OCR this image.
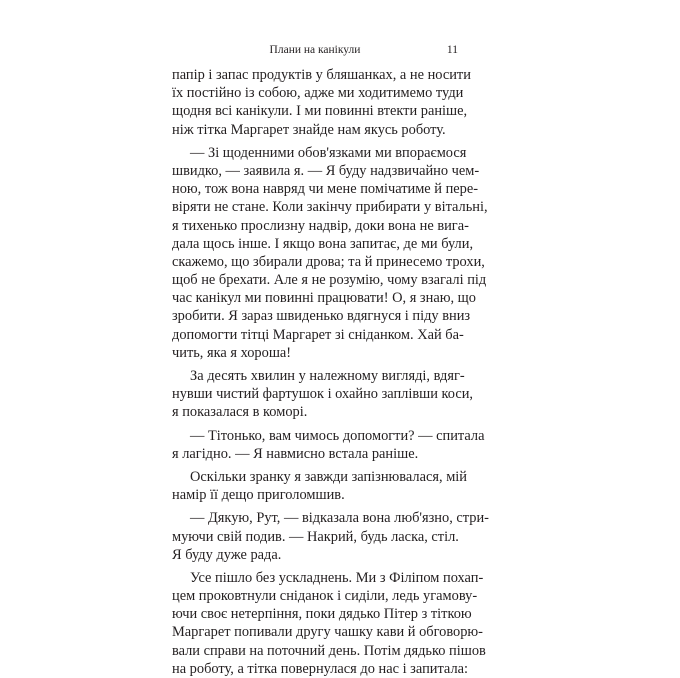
Плани на канікули	11
папір і запас продуктів у бляшанках, а не носити
їх постійно із собою, адже ми ходитимемо туди
щодня всі канікули. І ми повинні втекти раніше,
ніж тітка Маргарет знайде нам якусь роботу.
— Зі щоденними обов'язками ми впораємося
швидко, — заявила я. — Я буду надзвичайно чем-
ною, тож вона навряд чи мене помічатиме й пере-
віряти не стане. Коли закінчу прибирати у вітальні,
я тихенько прослизну надвір, доки вона не вига-
дала щось інше. І якщо вона запитає, де ми були,
скажемо, що збирали дрова; та й принесемо трохи,
щоб не брехати. Але я не розумію, чому взагалі під
час канікул ми повинні працювати! О, я знаю, що
зробити. Я зараз швиденько вдягнуся і піду вниз
допомогти тітці Маргарет зі сніданком. Хай ба-
чить, яка я хороша!
За десять хвилин у належному вигляді, вдяг-
нувши чистий фартушок і охайно заплівши коси,
я показалася в коморі.
— Тітонько, вам чимось допомогти? — спитала
я лагідно. — Я навмисно встала раніше.
Оскільки зранку я завжди запізнювалася, мій
намір її дещо приголомшив.
— Дякую, Рут, — відказала вона люб'язно, стри-
муючи свій подив. — Накрий, будь ласка, стіл.
Я буду дуже рада.
Усе пішло без ускладнень. Ми з Філіпом похап-
цем проковтнули сніданок і сиділи, ледь угамову-
ючи своє нетерпіння, поки дядько Пітер з тіткою
Маргарет попивали другу чашку кави й обговорю-
вали справи на поточний день. Потім дядько пішов
на роботу, а тітка повернулася до нас і запитала:
